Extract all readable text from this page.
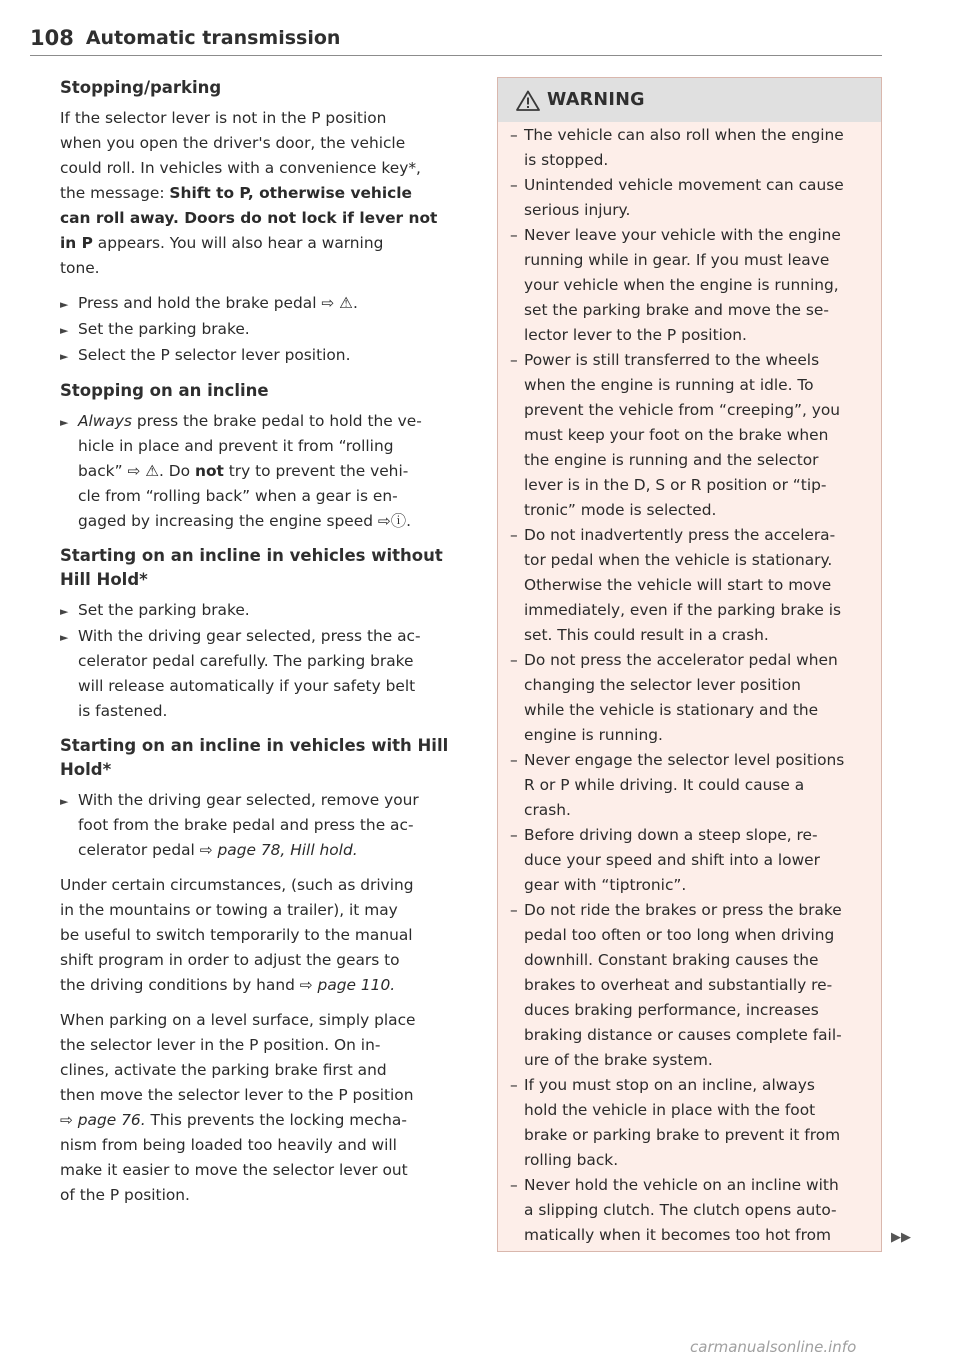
108 Automatic transmission
Stopping/parking

If the selector lever is not in the P position
when you open the driver's door, the vehicle
could roll. In vehicles with a convenience key*,
the message: Shift to P, otherwise vehicle
can roll away. Doors do not lock if lever not
in P appears. You will also hear a warning
tone.

► Press and hold the brake pedal ⇨ ⚠.
► Set the parking brake.
► Select the P selector lever position.
Stopping on an incline
► Always press the brake pedal to hold the ve-
hicle in place and prevent it from “rolling
back” ⇨ ⚠. Do not try to prevent the vehi-
cle from “rolling back” when a gear is en-
gaged by increasing the engine speed ⇨ⓘ.
Starting on an incline in vehicles without
Hill Hold*
► Set the parking brake.
► With the driving gear selected, press the ac-
celerator pedal carefully. The parking brake
will release automatically if your safety belt
is fastened.
Starting on an incline in vehicles with Hill
Hold*
► With the driving gear selected, remove your
foot from the brake pedal and press the ac-
celerator pedal ⇨ page 78, Hill hold.

Under certain circumstances, (such as driving
in the mountains or towing a trailer), it may
be useful to switch temporarily to the manual
shift program in order to adjust the gears to
the driving conditions by hand ⇨ page 110.

When parking on a level surface, simply place
the selector lever in the P position. On in-
clines, activate the parking brake first and
then move the selector lever to the P position
⇨ page 76. This prevents the locking mecha-
nism from being loaded too heavily and will
make it easier to move the selector lever out
of the P position.

WARNING
– The vehicle can also roll when the engine
is stopped.
– Unintended vehicle movement can cause
serious injury.
– Never leave your vehicle with the engine
running while in gear. If you must leave
your vehicle when the engine is running,
set the parking brake and move the se-
lector lever to the P position.
– Power is still transferred to the wheels
when the engine is running at idle. To
prevent the vehicle from “creeping”, you
must keep your foot on the brake when
the engine is running and the selector
lever is in the D, S or R position or “tip-
tronic” mode is selected.
– Do not inadvertently press the accelera-
tor pedal when the vehicle is stationary.
Otherwise the vehicle will start to move
immediately, even if the parking brake is
set. This could result in a crash.
– Do not press the accelerator pedal when
changing the selector lever position
while the vehicle is stationary and the
engine is running.
– Never engage the selector level positions
R or P while driving. It could cause a
crash.
– Before driving down a steep slope, re-
duce your speed and shift into a lower
gear with “tiptronic”.
– Do not ride the brakes or press the brake
pedal too often or too long when driving
downhill. Constant braking causes the
brakes to overheat and substantially re-
duces braking performance, increases
braking distance or causes complete fail-
ure of the brake system.
– If you must stop on an incline, always
hold the vehicle in place with the foot
brake or parking brake to prevent it from
rolling back.
– Never hold the vehicle on an incline with
a slipping clutch. The clutch opens auto-
matically when it becomes too hot from	▶▶
carmanualsonline.info
